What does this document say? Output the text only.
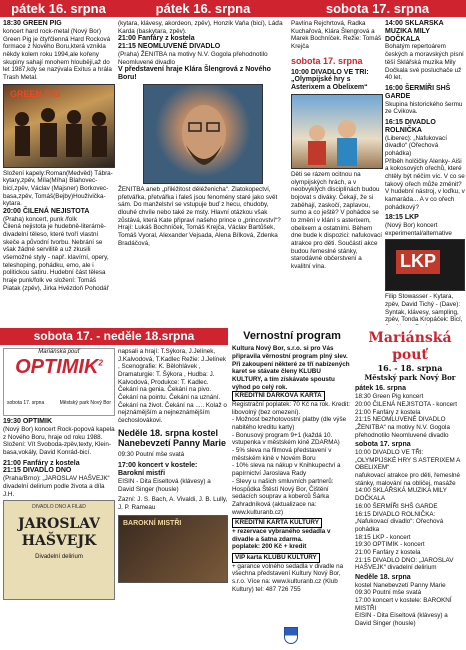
pátek 16. srpna	pátek 16. srpna	sobota 17. srpna
18:30 GREEN PIG
koncert hard rock-metal (Nový Bor)
Green Pig je čtyřčlenná Hard Rocková formace z Nového Boru,která vznikla někdy kolem roku 1994,ale kořeny skupiny sahají mnohem hlouběji,až do let 1987,kdy se nazývala Exitus a hrála Trash Metal.
GREEN PIG
Složení kapely:Roman(Medvěd) Tábra-kytary,zpěv, Míla(Míha) Blahovec-bicí,zpěv, Václav (Majsner) Borkovec-basa,zpěv, Tomáš(Bejby)Houživička-kytara.
20:00 ČILENÁ NEJISTOTA
(Praha) koncert, punk /folk
Čilená nejistota je hudebně-literárně-divadelní těleso, které tvoří vlastní skeče a původní tvorbu. Nebrání se však žádné servilitě a už zkusili všemožné styly - např. klavírní, opery, teleshoping, pohádku, emo, ale i politickou satiru. Hudební část tělesa hraje punk/folk ve složení: Tomáš Piatak (zpěv), Jirka Hvězdoň Pohodář
(kytara, klávesy, akordeon, zpěv), Honzík Vaňa (bicí), Láďa Karda (baskytara, zpěv).
21:00 Fanfáry z kostela
21:15 NEOMLUVENÉ DIVADLO
(Praha) ŽENITBA na motivy N.V. Gogola přehodnotilo Neomluvené divadlo
V představení hraje Klára Šlengrová z Nového Boru!
ŽENITBA aneb „přiléžitost děléženicha“. Zlatokopectví, přetvářka, přetvářka i faleš jsou fenomény staré jako svět sám. Do manželství se vstupuje buď z hecu, chudoby, dlouhé chvíle nebo také ze msty. Hlavní otázkou však zůstává, která Kate připraví našeho prince o „princovství“?
Hrají: Lukáš Bochníček, Tomáš Krejča, Václav Bartůšek, Tomáš Vyoral, Alexander Vejsada, Alena Bílková, Zdenka Bradáčová,
Pavlína Rejchrtová, Radka Kuchařová, Klára Šlengrová a Marek Bochníček. Režie: Tomáš Krejča
sobota 17. srpna
10:00 DIVADLO VE TRI:
„Olympijské hry s Asterixem a Obelixem“
Děti se rázem ocitnou na olympijských hrách, a v neobvyklých disciplínách budou bojovat s diváky. Čekají, že si zaběhají, zaskočí, zaplavou, sumo a co ještě? V pohádce se to změní v klání s asterixem, obelixem a ostatními. Během dne bude k dispozici: nafukovací atrakce pro děti. Součástí akce budou řemeslné stánky, starodávné občerstvení a kvalitní vína.
14:00 SKLÁŘSKÁ MUZIKA MILY DOČKALA
Bohatým repertoárem českých a moravských písní těší Sklářská muzika Mily Dočkala své posluchače už 40 let.
16:00 ŠERMÍŘI SHŠ GARDE
Skupina historického šermu ze Cvikova.
16:15 DIVADLO ROLNIČKA
(Liberec): „Nafukovací divadlo“ (Ořechová pohádka)
Příběh holčičky Alenky- Aiši a kokosových ořechů, které chtěly být něčím víc. V co se takový ořech může změnit? V hudební nástroj, v loďku, v kamaráda... A v co ořech pohádkový?
18:15 LKP
(Nový Bor) koncert experimental/alternative
LKP
Filip Stowasser - Kytara, zpěv, David Tichý - (Dave): Syntak, klávesy, sampling, zpěv, Tonda Kropáček: Bicí,
sobota 17. - neděle 18.srpna
Mariánská pouť
OPTIMIK$^2$
sobota 17. srpna	Městský park Nový Bor
19:30 OPTIMIK
(Nový Bor) koncert Rock-popová kapela z Nového Boru, hraje od roku 1988. Složení: Vít Svoboda-zpěv,texty, Klein-basa,vokály, David Konrád-bicí.
21:00 Fanfáry z kostela
21:15 DIVADLO DNO
(Praha/Brno): „JAROSLAV HAŠVEJK“ divadelní delirium podle života a díla J.H.
DIVADLO DNO A FIL&D
JAROSLAV
HAŠVEJK
Divadelní delirium
napsali a hrají: T.Šýkora, J.Jelínek, J.Kalvodová, T.Kadlec Režie: J.Jelínek , Scenografie: K. Bělohlávek , Dramaturgie: T. Šýkora , Hudba: J. Kalvodová, Produkce: T. Kadlec. Čekání na genia. Čekání na pivo. Čekání na pointu. Čekání na uznání. Čekání na život. Čekání na ..... Kolaž o nejznámějším a nejneznámějším čechoslovákovi.
Neděle 18. srpna kostel Nanebevzetí Panny Marie
09:30 Poutní mše svatá
17:00 koncert v kostele:
Barokní mistři
EISIN - Dita Eiseltová (klávesy) a David Singer (housle)
Zazní: J. S. Bach, A. Vivaldi, J. B. Lully, J. P. Rameau
BAROKNÍ MISTŘI
Vernostní program
Kultura Nový Bor, s.r.o. si pro Vás připravila věrnostní program plný slev. Při zakoupení některé ze tří nabízených karet se stávate členy KLUBU KULTURY, a tím získávate spoustu výhod po celý rok.
KREDITNÍ DÁRKOVÁ KARTA
Registrační poplatek: 70 Kč na rok. Kredit: libovolný (bez omezení).
- Možnost bezhotovostní platby (dle výše nabitého kreditu karty)
- Bonusový program 9+1 (každá 10. vstupenka v městském kině ZDARMA)
- 5% sleva na filmová představení v městském kině v Novém Boru
- 10% sleva na nákup v Knihkupectví a papírnictví Jaroslava Rady
- Slevy u našich smluvních partnerů:
Hospůdka Štěstí Nový Bor, Čištění sedacích souprav a koberců Šárka Zahradníková (aktualizace na: www.kulturanb.cz)
KREDITNÍ KARTA KULTURY
+ rezervace vybraného sedadla v divadle a šatna zdarma.
poplatek: 200 Kč + kredit
VIP karta KLUBU KULTURY
+ garance volného sedadla v divadle na všechna představení Kultury Nový Bor, s.r.o. Více na: www.kulturanb.cz (Klub Kultury) tel: 487 726 755
Mariánská pouť
16. - 18. srpna
Městský park Nový Bor
pátek 16. srpna
18:30 Green Pig koncert
20:00 ČILENÁ NEJISTOTA - koncert
21:00 Fanfáry z kostela
21:15 NEOMLUVENÉ DIVADLO „ŽENITBA“ na motivy N.V. Gogola přehodnotilo Neomluvené divadlo
sobota 17. srpna
10:00 DIVADLO VE TŘI: „OLYMPIJSKÉ HRY S ASTERIXEM A OBELIXEM“
nafukovací atrakce pro děti, řemeslné stánky, malování na obličej, masáže
14:00 SKLÁŘSKÁ MUZIKA MILY DOČKALA
16:00 ŠERMÍŘI SHŠ GARDE
16:15 DIVADLO ROLNIČKA: „Nafukovací divadlo“: Ořechová pohádka
18:15 LKP - koncert
19:30 OPTIMIK - koncert
21:00 Fanfáry z kostela
21:15 DIVADLO DNO: „JAROSLAV HAŠVEJK“ divadelní delirium
Neděle 18. srpna
kostel Nanebevzetí Panny Marie
09:30 Poutní mše svatá
17:00 koncert v kostele: BAROKNÍ MISTŘI
EISIN - Dita Eiseltová (klávesy) a David Singer (housle)
